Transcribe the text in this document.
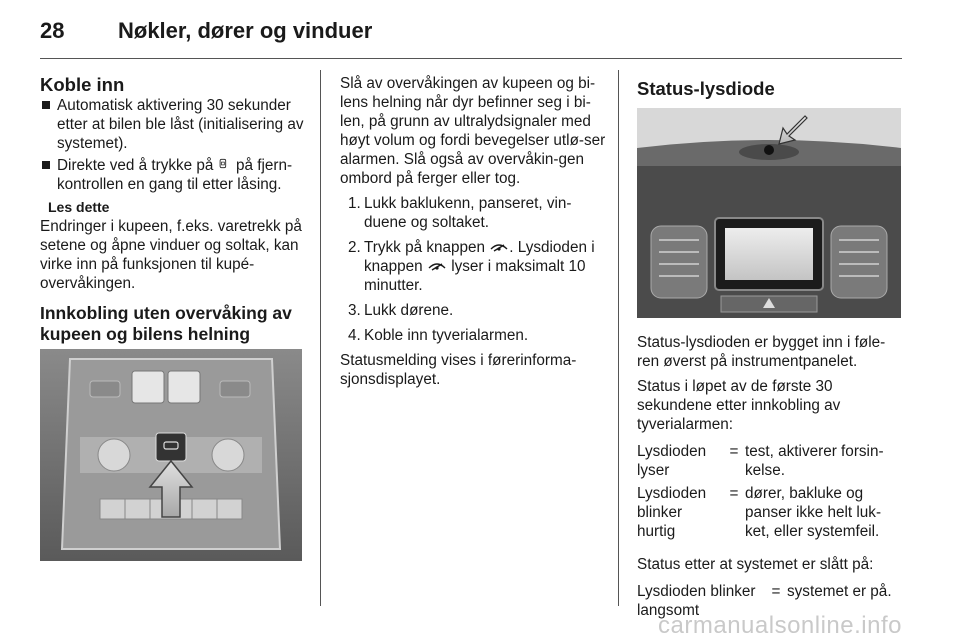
28 Nøkler, dører og vinduer
Koble inn
Automatisk aktivering 30 sekunder etter at bilen ble låst (initialisering av systemet).
Direkte ved å trykke på på fjern-kontrollen en gang til etter låsing.
Les dette
Endringer i kupeen, f.eks. varetrekk på setene og åpne vinduer og soltak, kan virke inn på funksjonen til kupé-overvåkingen.
Innkobling uten overvåking av kupeen og bilens helning
Slå av overvåkingen av kupeen og bi-lens helning når dyr befinner seg i bi-len, på grunn av ultralydsignaler med høyt volum og fordi bevegelser utlø-ser alarmen. Slå også av overvåkin-gen ombord på ferger eller tog.
1. Lukk baklukenn, panseret, vin-duene og soltaket.
2. Trykk på knappen . Lysdioden i knappen lyser i maksimalt 10 minutter.
3. Lukk dørene.
4. Koble inn tyverialarmen.
Statusmelding vises i førerinforma-sjonsdisplayet.
Status-lysdiode
Status-lysdioden er bygget inn i føle-ren øverst på instrumentpanelet.
Status i løpet av de første 30 sekundene etter innkobling av tyverialarmen:
Lysdioden lyser
= test, aktiverer forsin-kelse.
Lysdioden blinker hurtig
= dører, bakluke og panser ikke helt luk-ket, eller systemfeil.
Status etter at systemet er slått på:
Lysdioden blinker langsomt
= systemet er på.
carmanualsonline.info
